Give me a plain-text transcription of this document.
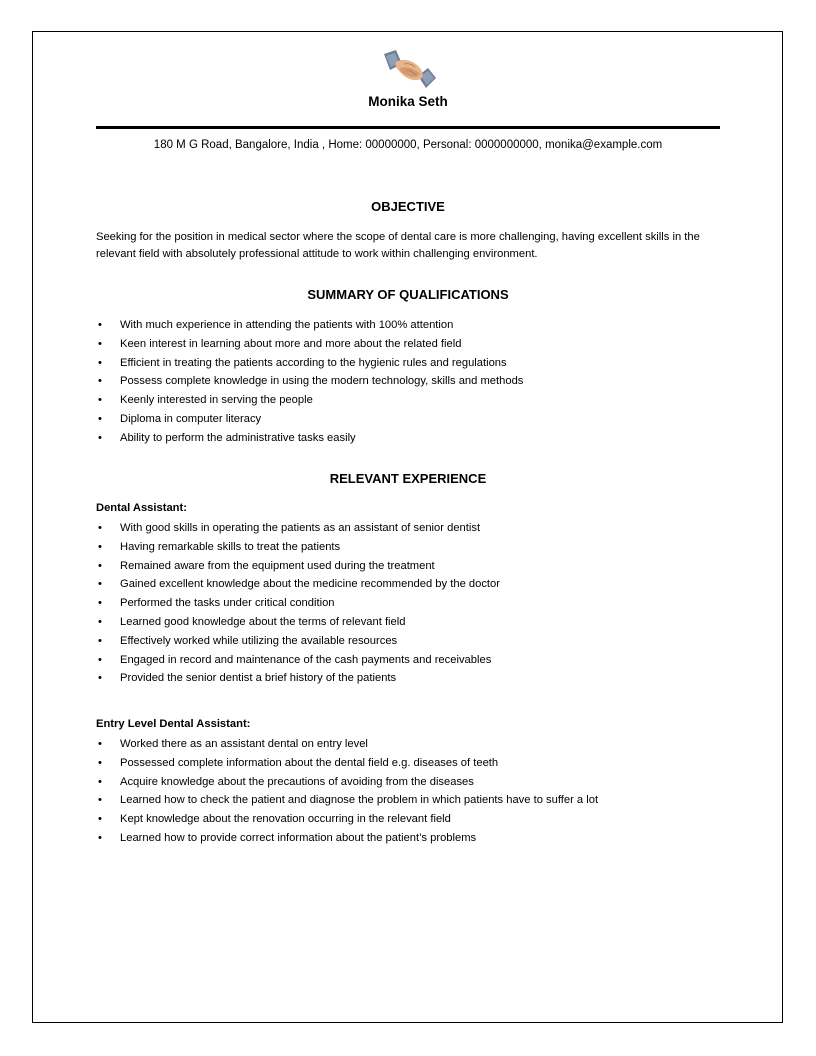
Monika Seth
180 M G Road, Bangalore, India , Home: 00000000, Personal: 0000000000, monika@example.com
OBJECTIVE
Seeking for the position in medical sector where the scope of dental care is more challenging, having excellent skills in the relevant field with absolutely professional attitude to work within challenging environment.
SUMMARY OF QUALIFICATIONS
• With much experience in attending the patients with 100% attention
• Keen interest in learning about more and more about the related field
• Efficient in treating the patients according to the hygienic rules and regulations
• Possess complete knowledge in using the modern technology, skills and methods
• Keenly interested in serving the people
• Diploma in computer literacy
• Ability to perform the administrative tasks easily
RELEVANT EXPERIENCE
Dental Assistant:
• With good skills in operating the patients as an assistant of senior dentist
• Having remarkable skills to treat the patients
• Remained aware from the equipment used during the treatment
• Gained excellent knowledge about the medicine recommended by the doctor
• Performed the tasks under critical condition
• Learned good knowledge about the terms of relevant field
• Effectively worked while utilizing the available resources
• Engaged in record and maintenance of the cash payments and receivables
• Provided the senior dentist a brief history of the patients
Entry Level Dental Assistant:
• Worked there as an assistant dental on entry level
• Possessed complete information about the dental field e.g. diseases of teeth
• Acquire knowledge about the precautions of avoiding from the diseases
• Learned how to check the patient and diagnose the problem in which patients have to suffer a lot
• Kept knowledge about the renovation occurring in the relevant field
• Learned how to provide correct information about the patient’s problems
